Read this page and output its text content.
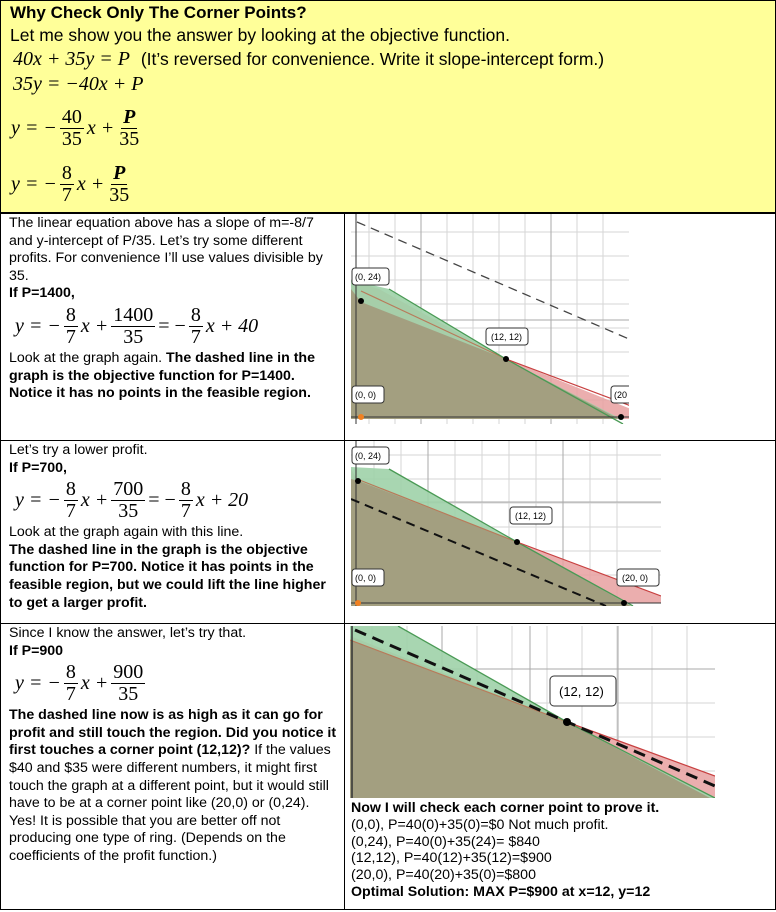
Why Check Only The Corner Points?
Let me show you the answer by looking at the objective function.
40x + 35y = P (It’s reversed for convenience. Write it slope-intercept form.)
35y = −40x + P
y = − $\frac{40}{35}$ $x + \frac{P}{35}$
y = − $\frac{8}{7}$ $x + \frac{P}{35}$

The linear equation above has a slope of m=-8/7 and y-intercept of P/35. Let’s try some different profits. For convenience I’ll use values divisible by 35.

If P=1400,

y = − $\frac{8}{7}$ $x + \frac{1400}{35}$ = − $\frac{8}{7}$ x + 40

Look at the graph again. The dashed line in the graph is the objective function for P=1400. Notice it has no points in the feasible region.

(0, 24)
(12, 12)
(0, 0)	(20

Let’s try a lower profit.

If P=700,

y = − $\frac{8}{7}$ $x + \frac{700}{35}$ = − $\frac{8}{7}$ x + 20

Look at the graph again with this line.

The dashed line in the graph is the objective function for P=700. Notice it has points in the feasible region, but we could lift the line higher to get a larger profit.

(0, 24)
(12, 12)
(0, 0)	(20, 0)

Since I know the answer, let’s try that.

If P=900

y = − $\frac{8}{7}$ $x + \frac{900}{35}$

The dashed line now is as high as it can go for profit and still touch the region. Did you notice it first touches a corner point (12,12)? If the values $40 and $35 were different numbers, it might first touch the graph at a different point, but it would still have to be at a corner point like (20,0) or (0,24). Yes! It is possible that you are better off not producing one type of ring. (Depends on the coefficients of the profit function.)

(12, 12)
Now I will check each corner point to prove it.
(0,0), P=40(0)+35(0)=$0 Not much profit.
(0,24), P=40(0)+35(24)= $840
(12,12), P=40(12)+35(12)=$900
(20,0), P=40(20)+35(0)=$800
Optimal Solution: MAX P=$900 at x=12, y=12
